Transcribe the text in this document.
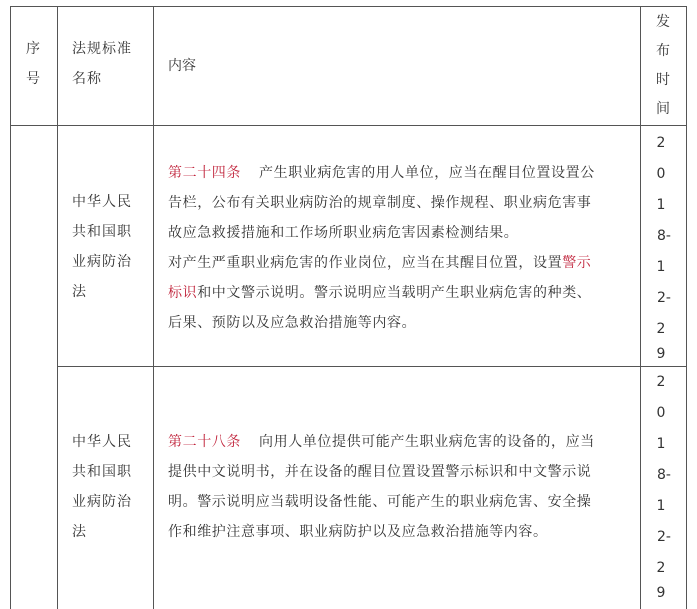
序
号
法规标准
名称
内容
发
布
时
间
中华人民
共和国职
业病防治
法
第二十四条 产生职业病危害的用人单位，应当在醒目位置设置公
告栏，公布有关职业病防治的规章制度、操作规程、职业病危害事
故应急救援措施和工作场所职业病危害因素检测结果。
对产生严重职业病危害的作业岗位，应当在其醒目位置，设置警示
标识和中文警示说明。警示说明应当载明产生职业病危害的种类、
后果、预防以及应急救治措施等内容。
2
0
1
8-
1
2-
2
9
中华人民
共和国职
业病防治
法
第二十八条 向用人单位提供可能产生职业病危害的设备的，应当
提供中文说明书，并在设备的醒目位置设置警示标识和中文警示说
明。警示说明应当载明设备性能、可能产生的职业病危害、安全操
作和维护注意事项、职业病防护以及应急救治措施等内容。
2
0
1
8-
1
2-
2
9
